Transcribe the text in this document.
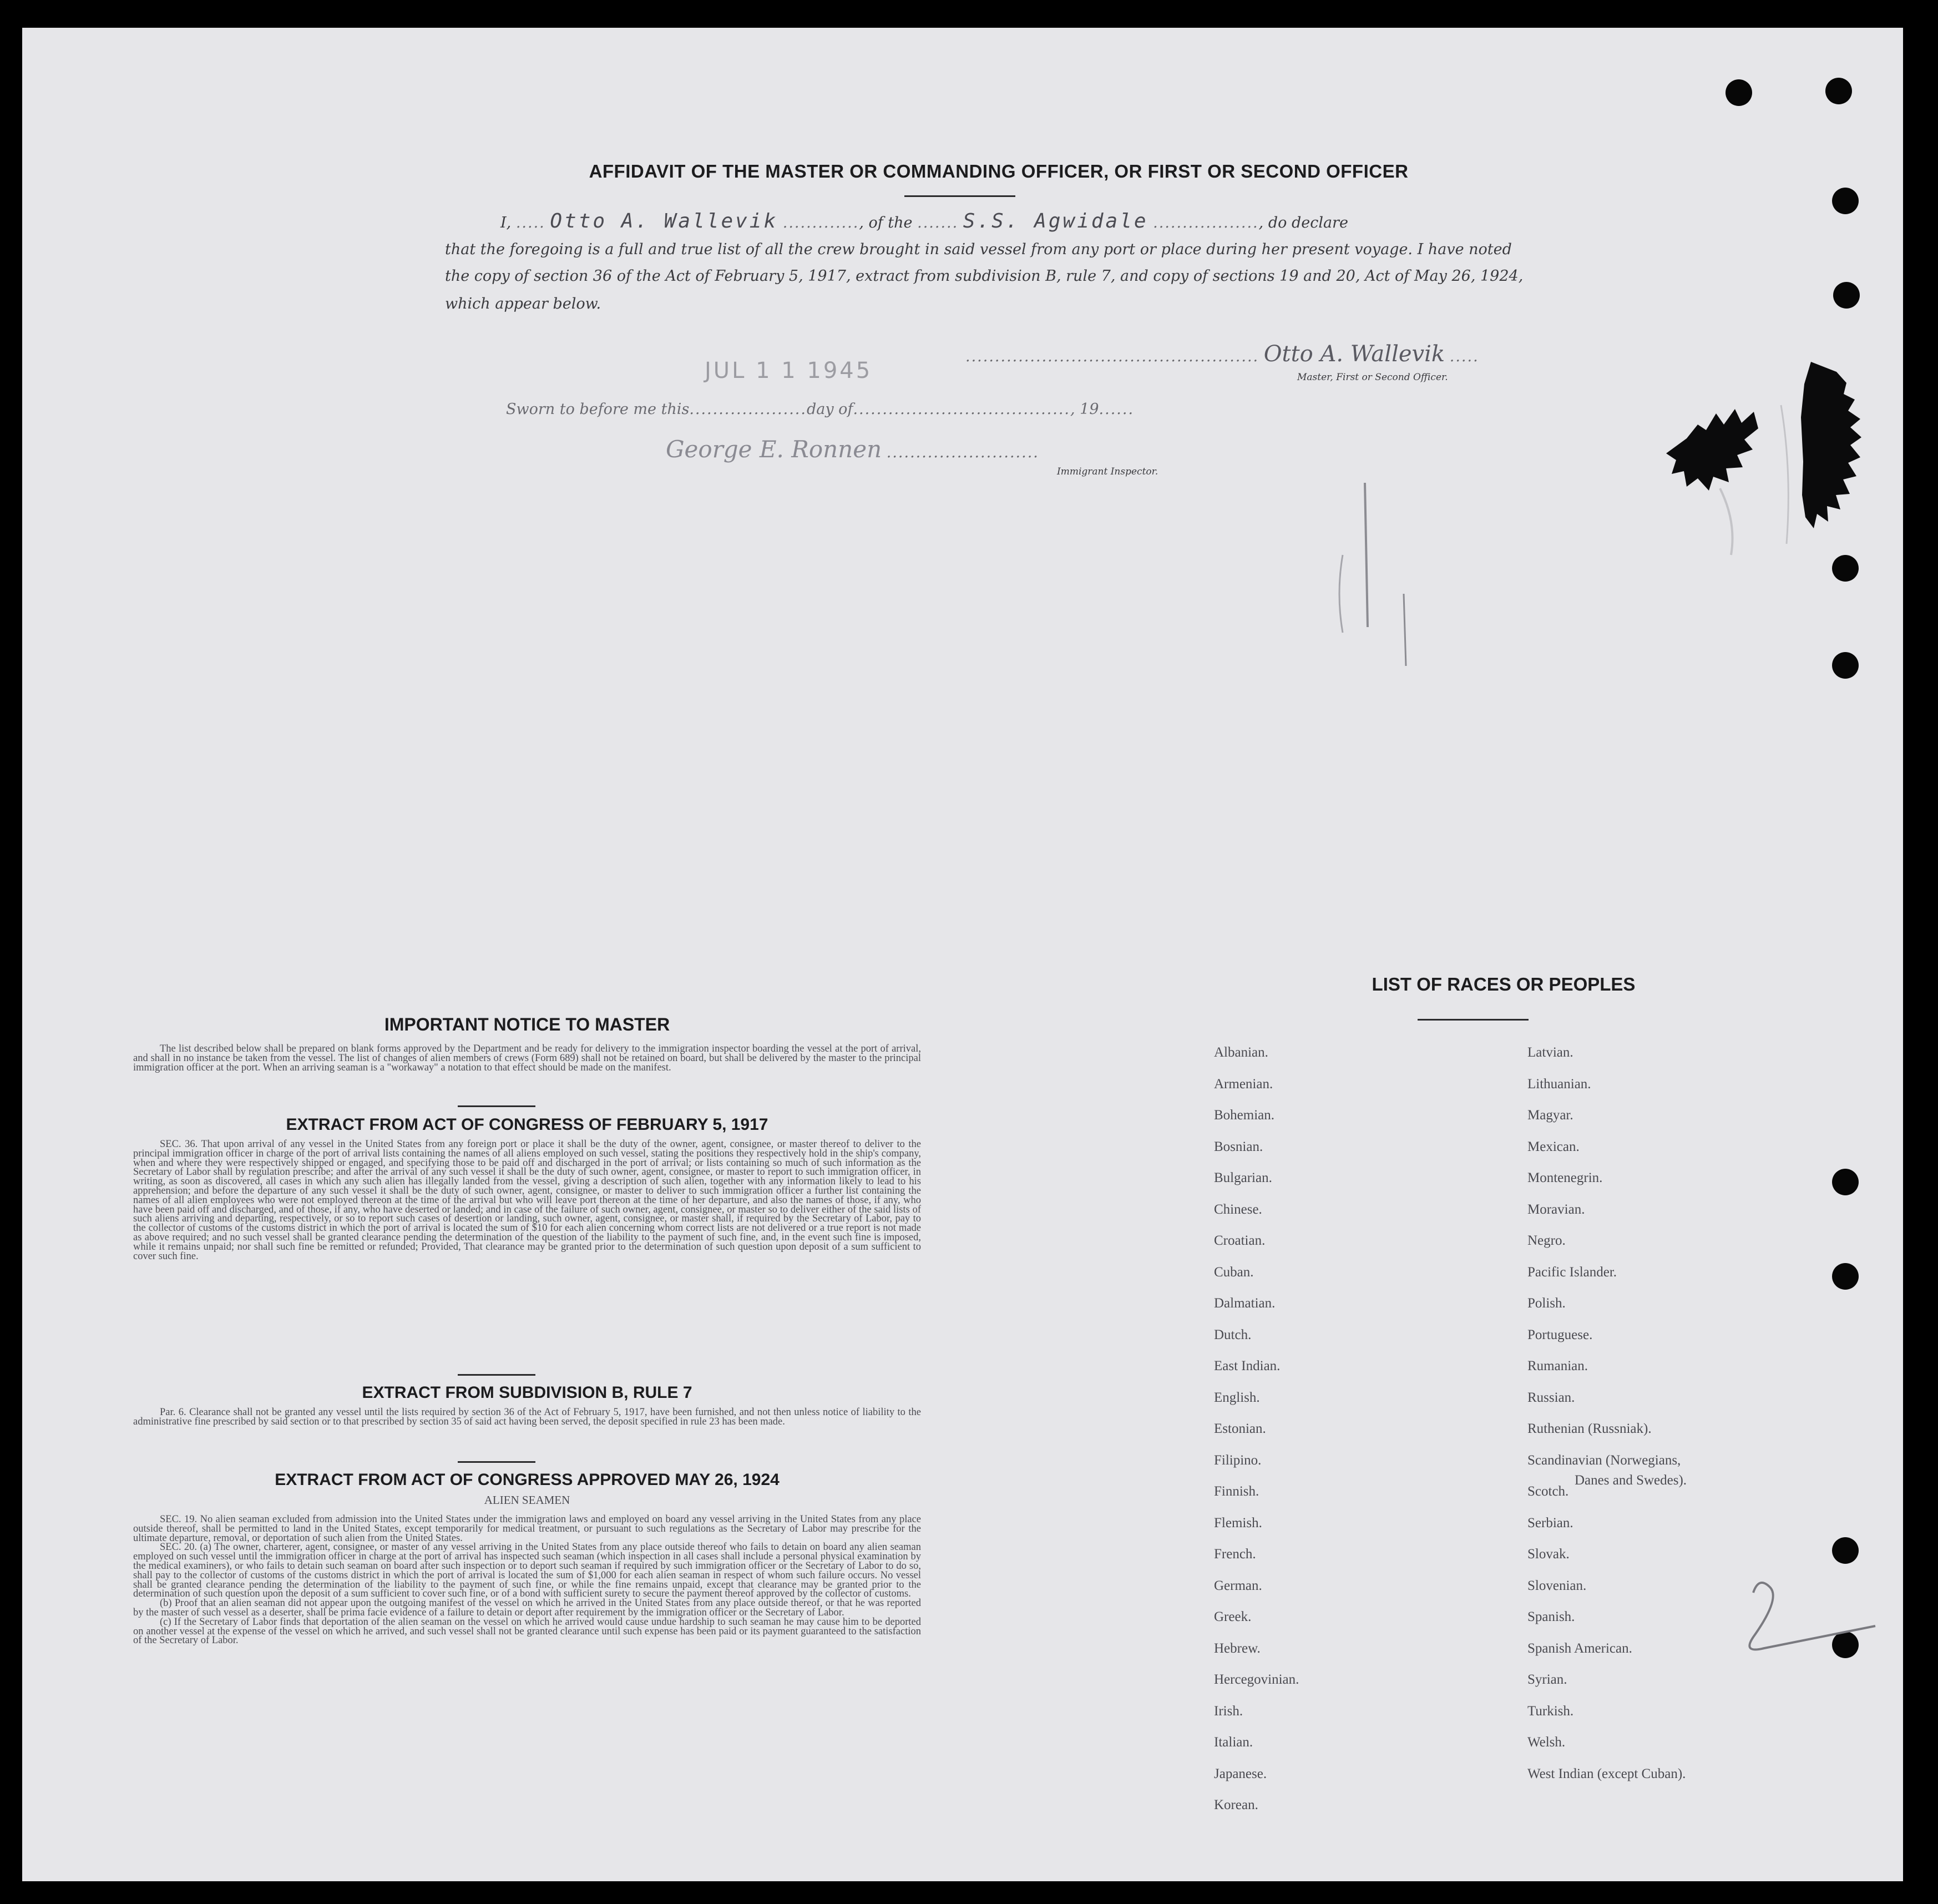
AFFIDAVIT OF THE MASTER OR COMMANDING OFFICER, OR FIRST OR SECOND OFFICER
I, ..... Otto A. Wallevik ............., of the ....... S.S. Agwidale .................., do declare
that the foregoing is a full and true list of all the crew brought in said vessel from any port or place during her present voyage. I have noted
the copy of section 36 of the Act of February 5, 1917, extract from subdivision B, rule 7, and copy of sections 19 and 20, Act of May 26, 1924,
which appear below.
.................................................. Otto A. Wallevik .....
Master, First or Second Officer.
JUL 1 1 1945
Sworn to before me this....................day of....................................., 19......
George E. Ronnen ..........................
Immigrant Inspector.
IMPORTANT NOTICE TO MASTER

The list described below shall be prepared on blank forms approved by the Department and be ready for delivery to the immigration inspector boarding the vessel at the port of arrival, and shall in no instance be taken from the vessel. The list of changes of alien members of crews (Form 689) shall not be retained on board, but shall be delivered by the master to the principal immigration officer at the port. When an arriving seaman is a "workaway" a notation to that effect should be made on the manifest.

EXTRACT FROM ACT OF CONGRESS OF FEBRUARY 5, 1917

SEC. 36. That upon arrival of any vessel in the United States from any foreign port or place it shall be the duty of the owner, agent, consignee, or master thereof to deliver to the principal immigration officer in charge of the port of arrival lists containing the names of all aliens employed on such vessel, stating the positions they respectively hold in the ship's company, when and where they were respectively shipped or engaged, and specifying those to be paid off and discharged in the port of arrival; or lists containing so much of such information as the Secretary of Labor shall by regulation prescribe; and after the arrival of any such vessel it shall be the duty of such owner, agent, consignee, or master to report to such immigration officer, in writing, as soon as discovered, all cases in which any such alien has illegally landed from the vessel, giving a description of such alien, together with any information likely to lead to his apprehension; and before the departure of any such vessel it shall be the duty of such owner, agent, consignee, or master to deliver to such immigration officer a further list containing the names of all alien employees who were not employed thereon at the time of the arrival but who will leave port thereon at the time of her departure, and also the names of those, if any, who have been paid off and discharged, and of those, if any, who have deserted or landed; and in case of the failure of such owner, agent, consignee, or master so to deliver either of the said lists of such aliens arriving and departing, respectively, or so to report such cases of desertion or landing, such owner, agent, consignee, or master shall, if required by the Secretary of Labor, pay to the collector of customs of the customs district in which the port of arrival is located the sum of $10 for each alien concerning whom correct lists are not delivered or a true report is not made as above required; and no such vessel shall be granted clearance pending the determination of the question of the liability to the payment of such fine, and, in the event such fine is imposed, while it remains unpaid; nor shall such fine be remitted or refunded; Provided, That clearance may be granted prior to the determination of such question upon deposit of a sum sufficient to cover such fine.

EXTRACT FROM SUBDIVISION B, RULE 7

Par. 6. Clearance shall not be granted any vessel until the lists required by section 36 of the Act of February 5, 1917, have been furnished, and not then unless notice of liability to the administrative fine prescribed by said section or to that prescribed by section 35 of said act having been served, the deposit specified in rule 23 has been made.

EXTRACT FROM ACT OF CONGRESS APPROVED MAY 26, 1924
ALIEN SEAMEN

SEC. 19. No alien seaman excluded from admission into the United States under the immigration laws and employed on board any vessel arriving in the United States from any place outside thereof, shall be permitted to land in the United States, except temporarily for medical treatment, or pursuant to such regulations as the Secretary of Labor may prescribe for the ultimate departure, removal, or deportation of such alien from the United States.

SEC. 20. (a) The owner, charterer, agent, consignee, or master of any vessel arriving in the United States from any place outside thereof who fails to detain on board any alien seaman employed on such vessel until the immigration officer in charge at the port of arrival has inspected such seaman (which inspection in all cases shall include a personal physical examination by the medical examiners), or who fails to detain such seaman on board after such inspection or to deport such seaman if required by such immigration officer or the Secretary of Labor to do so, shall pay to the collector of customs of the customs district in which the port of arrival is located the sum of $1,000 for each alien seaman in respect of whom such failure occurs. No vessel shall be granted clearance pending the determination of the liability to the payment of such fine, or while the fine remains unpaid, except that clearance may be granted prior to the determination of such question upon the deposit of a sum sufficient to cover such fine, or of a bond with sufficient surety to secure the payment thereof approved by the collector of customs.

(b) Proof that an alien seaman did not appear upon the outgoing manifest of the vessel on which he arrived in the United States from any place outside thereof, or that he was reported by the master of such vessel as a deserter, shall be prima facie evidence of a failure to detain or deport after requirement by the immigration officer or the Secretary of Labor.

(c) If the Secretary of Labor finds that deportation of the alien seaman on the vessel on which he arrived would cause undue hardship to such seaman he may cause him to be deported on another vessel at the expense of the vessel on which he arrived, and such vessel shall not be granted clearance until such expense has been paid or its payment guaranteed to the satisfaction of the Secretary of Labor.

LIST OF RACES OR PEOPLES
Albanian.
Armenian.
Bohemian.
Bosnian.
Bulgarian.
Chinese.
Croatian.
Cuban.
Dalmatian.
Dutch.
East Indian.
English.
Estonian.
Filipino.
Finnish.
Flemish.
French.
German.
Greek.
Hebrew.
Hercegovinian.
Irish.
Italian.
Japanese.
Korean.
Latvian.
Lithuanian.
Magyar.
Mexican.
Montenegrin.
Moravian.
Negro.
Pacific Islander.
Polish.
Portuguese.
Rumanian.
Russian.
Ruthenian (Russniak).
Scandinavian (Norwegians,
Danes and Swedes).
Scotch.
Serbian.
Slovak.
Slovenian.
Spanish.
Spanish American.
Syrian.
Turkish.
Welsh.
West Indian (except Cuban).
